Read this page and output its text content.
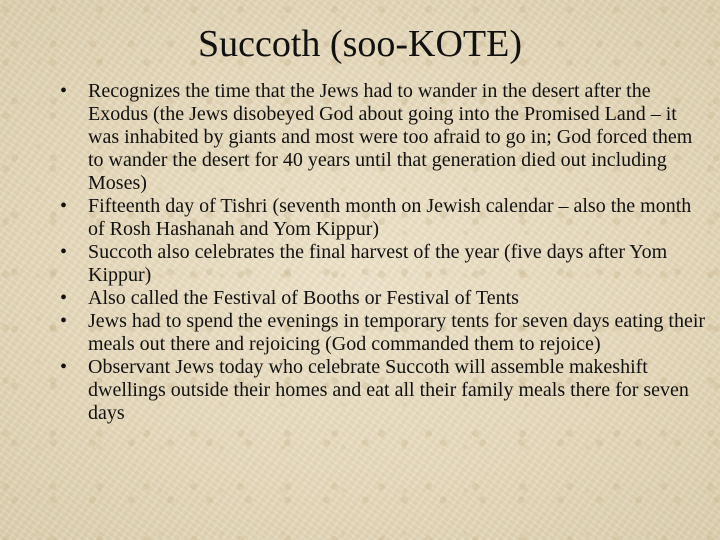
Succoth (soo-KOTE)
•	Recognizes the time that the Jews had to wander in the desert after the Exodus (the Jews disobeyed God about going into the Promised Land – it was inhabited by giants and most were too afraid to go in; God forced them to wander the desert for 40 years until that generation died out including Moses)
•	Fifteenth day of Tishri (seventh month on Jewish calendar – also the month of Rosh Hashanah and Yom Kippur)
•	Succoth also celebrates the final harvest of the year (five days after Yom Kippur)
•	Also called the Festival of Booths or Festival of Tents
•	Jews had to spend the evenings in temporary tents for seven days eating their meals out there and rejoicing (God commanded them to rejoice)
•	Observant Jews today who celebrate Succoth will assemble makeshift dwellings outside their homes and eat all their family meals there for seven days
